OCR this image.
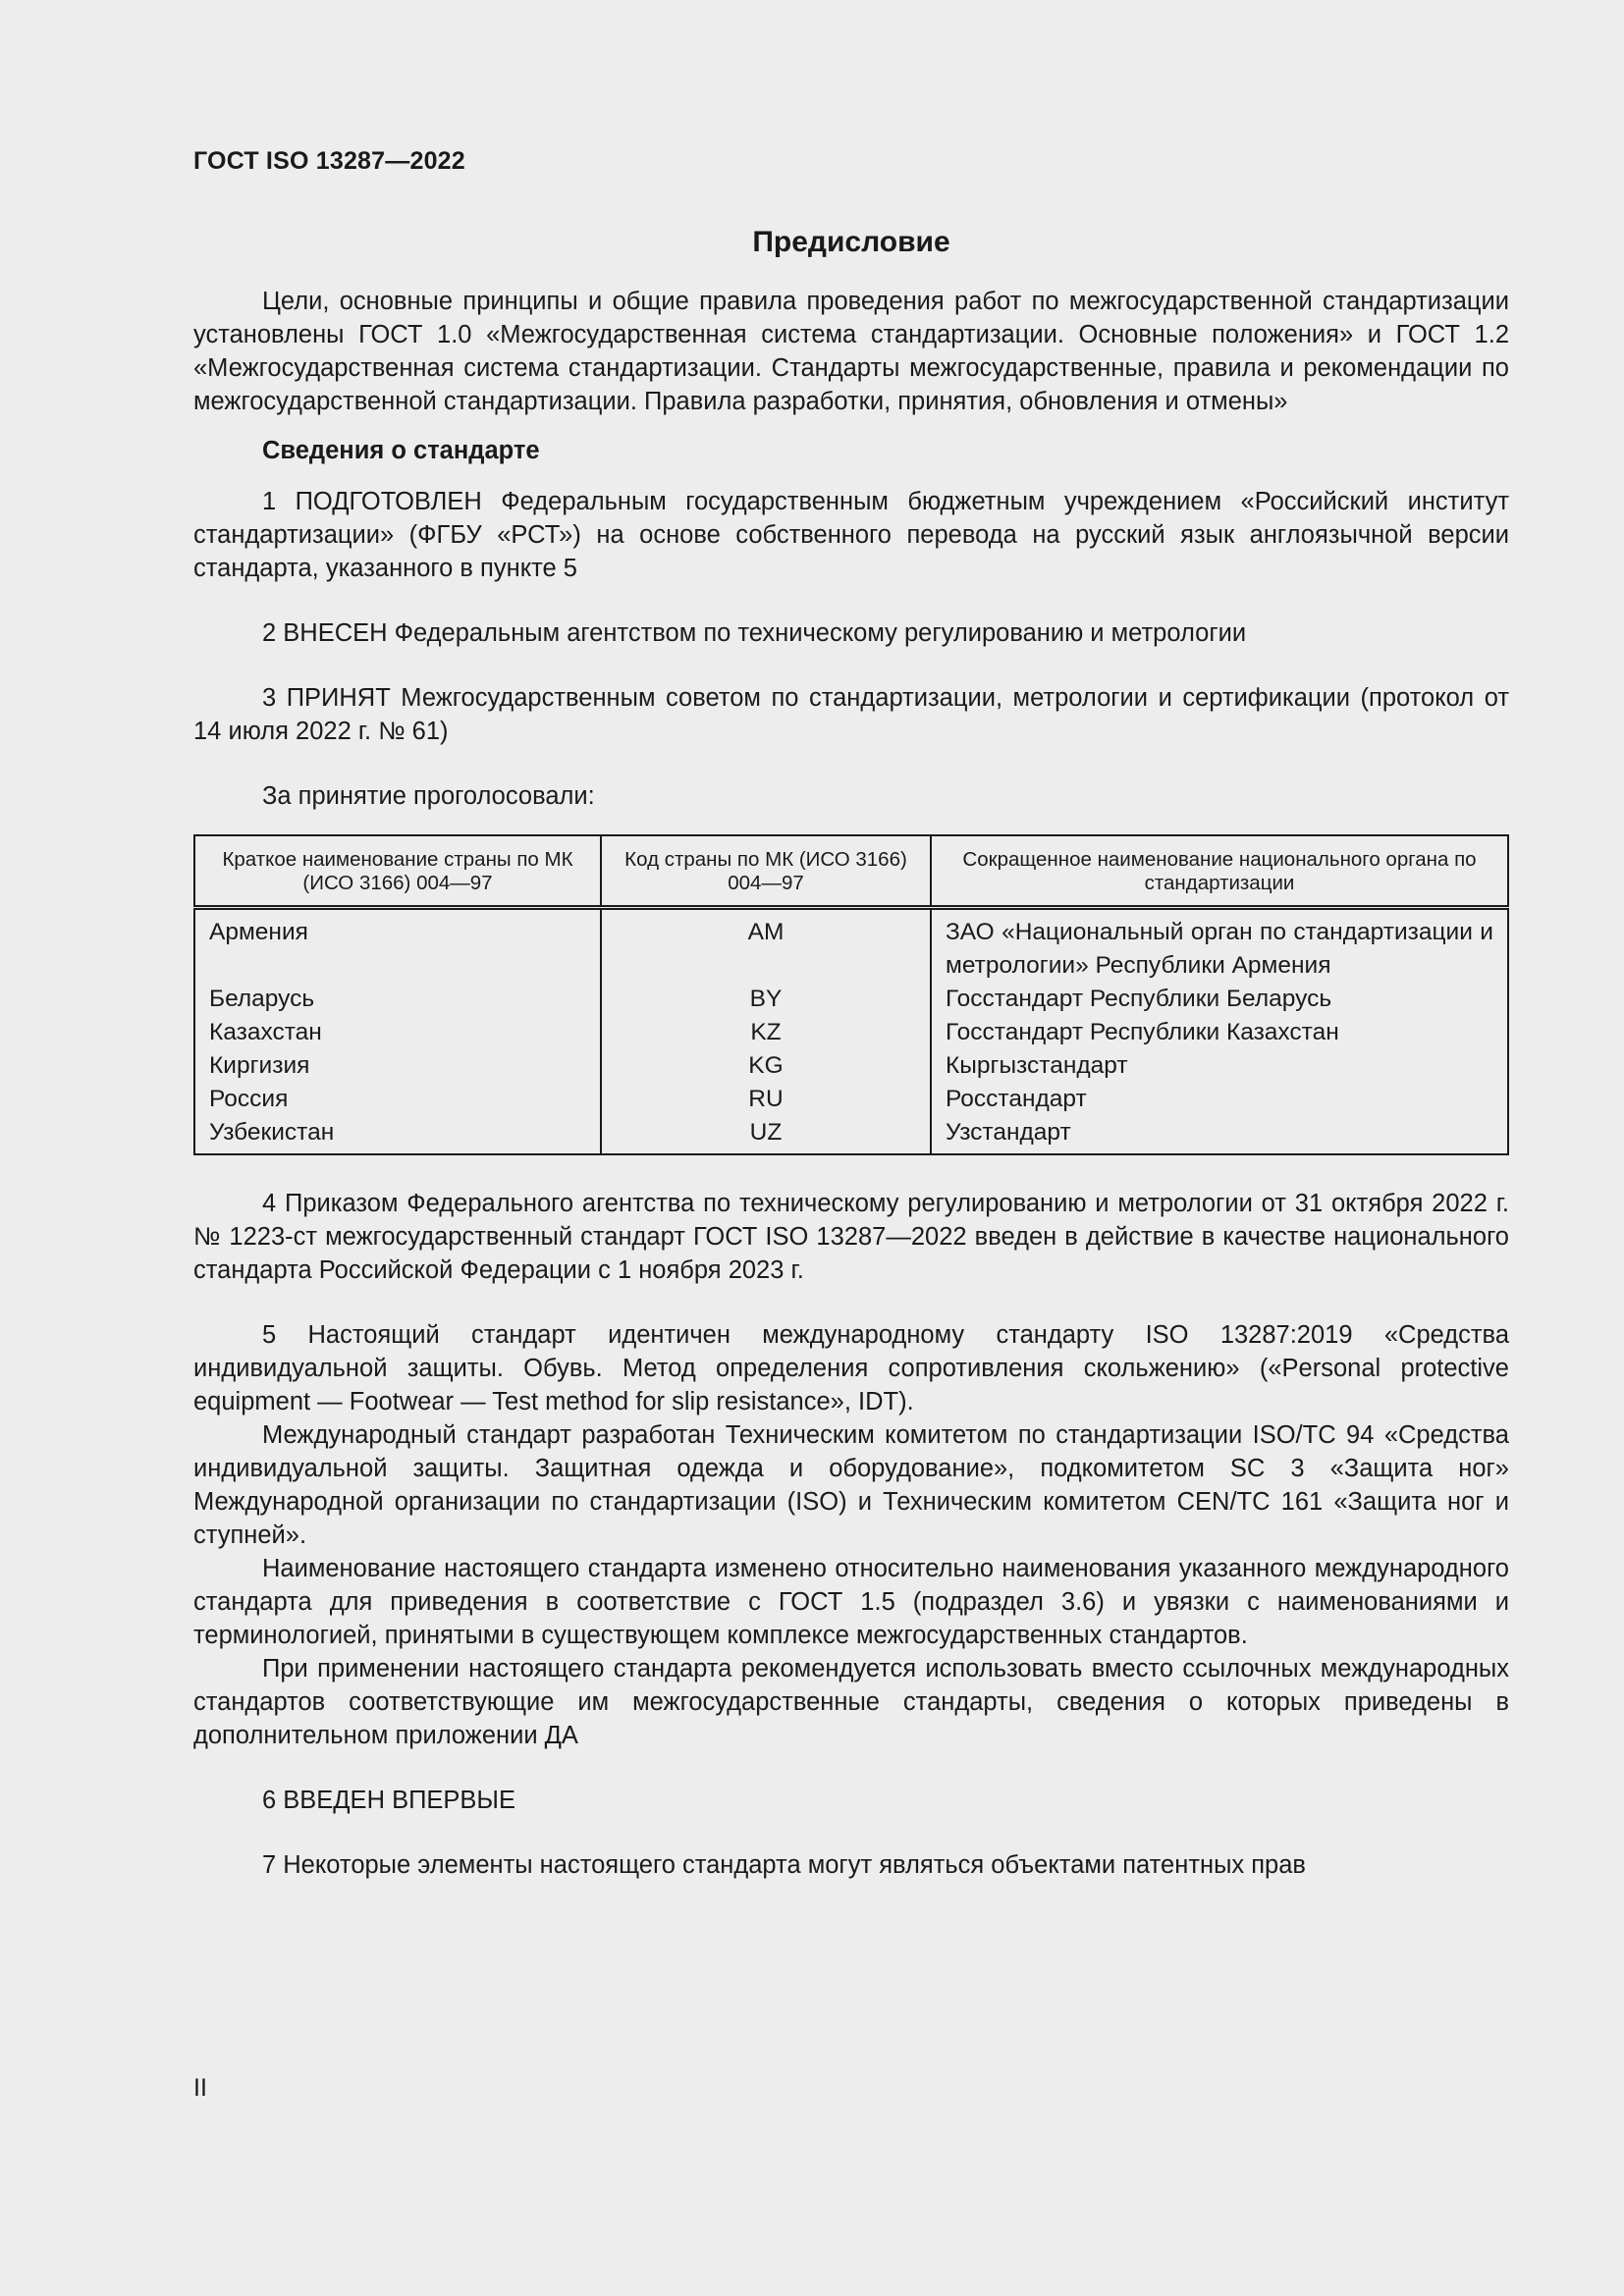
ГОСТ ISO 13287—2022
Предисловие

Цели, основные принципы и общие правила проведения работ по межгосударственной стандартизации установлены ГОСТ 1.0 «Межгосударственная система стандартизации. Основные положения» и ГОСТ 1.2 «Межгосударственная система стандартизации. Стандарты межгосударственные, правила и рекомендации по межгосударственной стандартизации. Правила разработки, принятия, обновления и отмены»

Сведения о стандарте

1 ПОДГОТОВЛЕН Федеральным государственным бюджетным учреждением «Российский институт стандартизации» (ФГБУ «РСТ») на основе собственного перевода на русский язык англоязычной версии стандарта, указанного в пункте 5

2 ВНЕСЕН Федеральным агентством по техническому регулированию и метрологии

3 ПРИНЯТ Межгосударственным советом по стандартизации, метрологии и сертификации (протокол от 14 июля 2022 г. № 61)

За принятие проголосовали:

Краткое наименование страны по МК (ИСО 3166) 004—97	Код страны по МК (ИСО 3166) 004—97	Сокращенное наименование национального органа по стандартизации
Армения	AM	ЗАО «Национальный орган по стандартизации и метрологии» Республики Армения
Беларусь	BY	Госстандарт Республики Беларусь
Казахстан	KZ	Госстандарт Республики Казахстан
Киргизия	KG	Кыргызстандарт
Россия	RU	Росстандарт
Узбекистан	UZ	Узстандарт

4 Приказом Федерального агентства по техническому регулированию и метрологии от 31 октября 2022 г. № 1223-ст межгосударственный стандарт ГОСТ ISO 13287—2022 введен в действие в качестве национального стандарта Российской Федерации с 1 ноября 2023 г.

5 Настоящий стандарт идентичен международному стандарту ISO 13287:2019 «Средства индивидуальной защиты. Обувь. Метод определения сопротивления скольжению» («Personal protective equipment — Footwear — Test method for slip resistance», IDT).

Международный стандарт разработан Техническим комитетом по стандартизации ISO/TC 94 «Средства индивидуальной защиты. Защитная одежда и оборудование», подкомитетом SC 3 «Защита ног» Международной организации по стандартизации (ISO) и Техническим комитетом CEN/TC 161 «Защита ног и ступней».

Наименование настоящего стандарта изменено относительно наименования указанного международного стандарта для приведения в соответствие с ГОСТ 1.5 (подраздел 3.6) и увязки с наименованиями и терминологией, принятыми в существующем комплексе межгосударственных стандартов.

При применении настоящего стандарта рекомендуется использовать вместо ссылочных международных стандартов соответствующие им межгосударственные стандарты, сведения о которых приведены в дополнительном приложении ДА

6 ВВЕДЕН ВПЕРВЫЕ

7 Некоторые элементы настоящего стандарта могут являться объектами патентных прав

II
